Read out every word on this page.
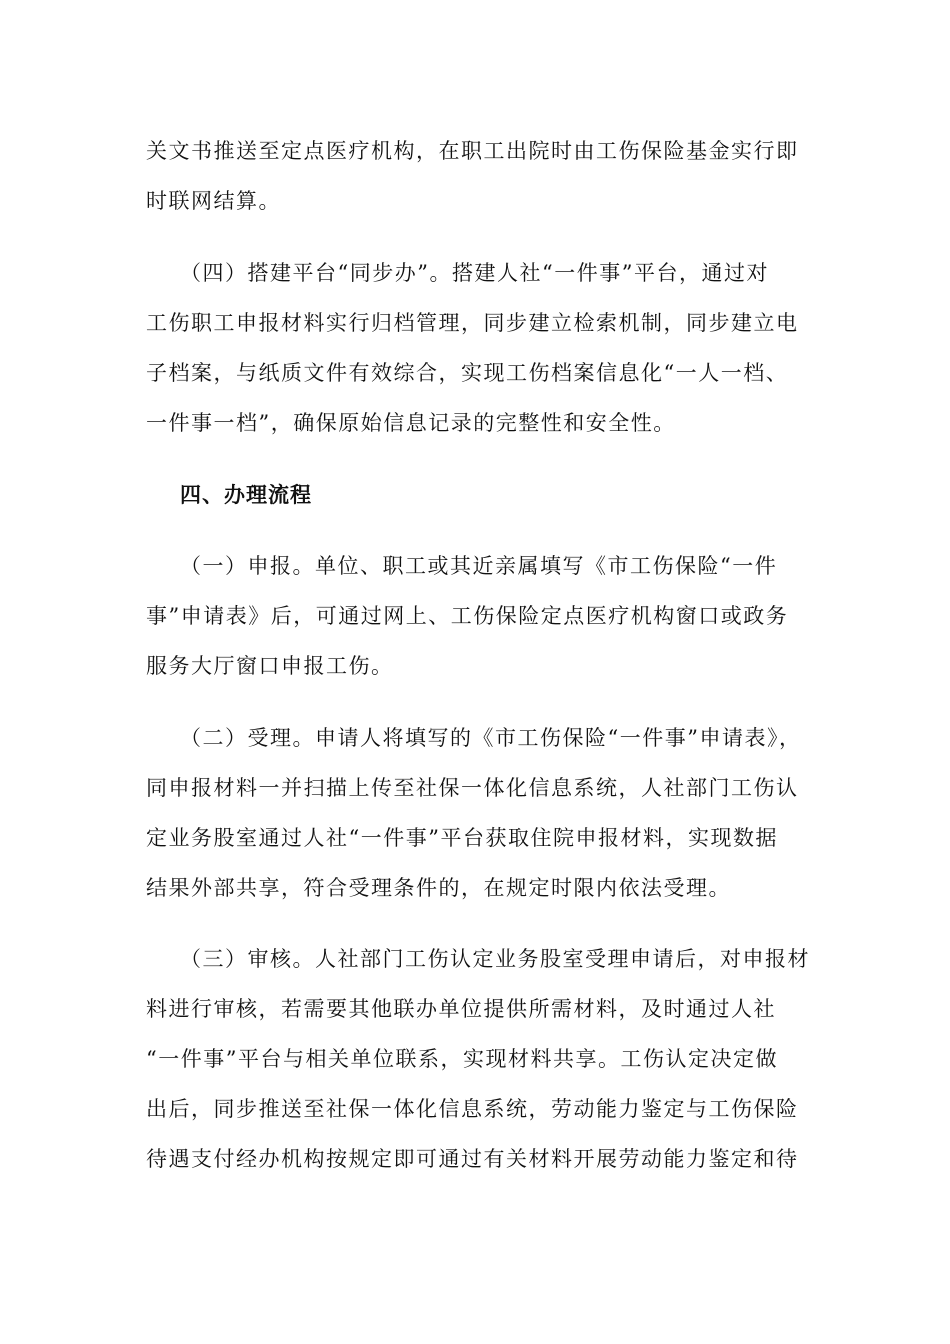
关文书推送至定点医疗机构，在职工出院时由工伤保险基金实行即
时联网结算。
（四）搭建平台“同步办”。搭建人社“一件事”平台，通过对
工伤职工申报材料实行归档管理，同步建立检索机制，同步建立电
子档案，与纸质文件有效综合，实现工伤档案信息化“一人一档、
一件事一档”，确保原始信息记录的完整性和安全性。
四、办理流程
（一）申报。单位、职工或其近亲属填写《市工伤保险“一件
事”申请表》后，可通过网上、工伤保险定点医疗机构窗口或政务
服务大厅窗口申报工伤。
（二）受理。申请人将填写的《市工伤保险“一件事”申请表》，
同申报材料一并扫描上传至社保一体化信息系统，人社部门工伤认
定业务股室通过人社“一件事”平台获取住院申报材料，实现数据
结果外部共享，符合受理条件的，在规定时限内依法受理。
（三）审核。人社部门工伤认定业务股室受理申请后，对申报材
料进行审核，若需要其他联办单位提供所需材料，及时通过人社
“一件事”平台与相关单位联系，实现材料共享。工伤认定决定做
出后，同步推送至社保一体化信息系统，劳动能力鉴定与工伤保险
待遇支付经办机构按规定即可通过有关材料开展劳动能力鉴定和待
